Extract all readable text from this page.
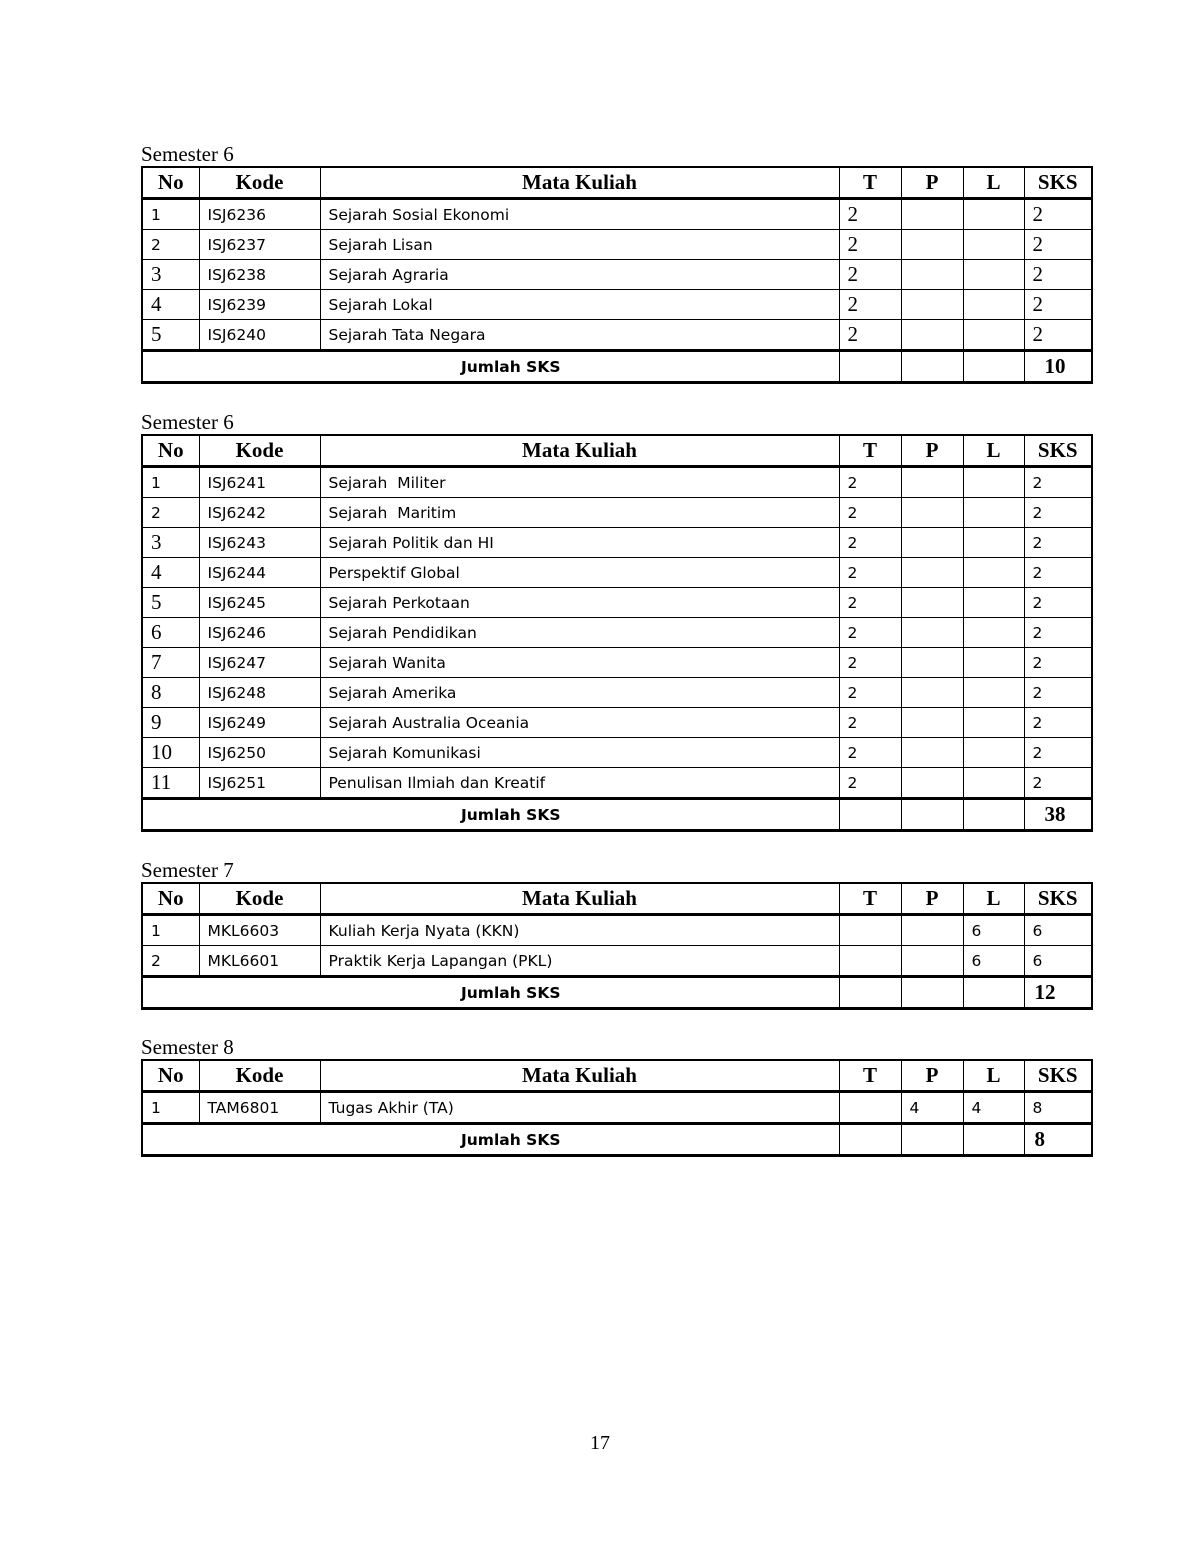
Semester 6
No	Kode	Mata Kuliah	T	P	L	SKS
1	ISJ6236	Sejarah Sosial Ekonomi	2			2
2	ISJ6237	Sejarah Lisan	2			2
3	ISJ6238	Sejarah Agraria	2			2
4	ISJ6239	Sejarah Lokal	2			2
5	ISJ6240	Sejarah Tata Negara	2			2
Jumlah SKS						10
Semester 6
No	Kode	Mata Kuliah	T	P	L	SKS
1	ISJ6241	Sejarah  Militer	2			2
2	ISJ6242	Sejarah  Maritim	2			2
3	ISJ6243	Sejarah Politik dan HI	2			2
4	ISJ6244	Perspektif Global	2			2
5	ISJ6245	Sejarah Perkotaan	2			2
6	ISJ6246	Sejarah Pendidikan	2			2
7	ISJ6247	Sejarah Wanita	2			2
8	ISJ6248	Sejarah Amerika	2			2
9	ISJ6249	Sejarah Australia Oceania	2			2
10	ISJ6250	Sejarah Komunikasi	2			2
11	ISJ6251	Penulisan Ilmiah dan Kreatif	2			2
Jumlah SKS						38
Semester 7
No	Kode	Mata Kuliah	T	P	L	SKS
1	MKL6603	Kuliah Kerja Nyata (KKN)			6	6
2	MKL6601	Praktik Kerja Lapangan (PKL)			6	6
Jumlah SKS						12
Semester 8
No	Kode	Mata Kuliah	T	P	L	SKS
1	TAM6801	Tugas Akhir (TA)		4	4	8
Jumlah SKS						8
17
